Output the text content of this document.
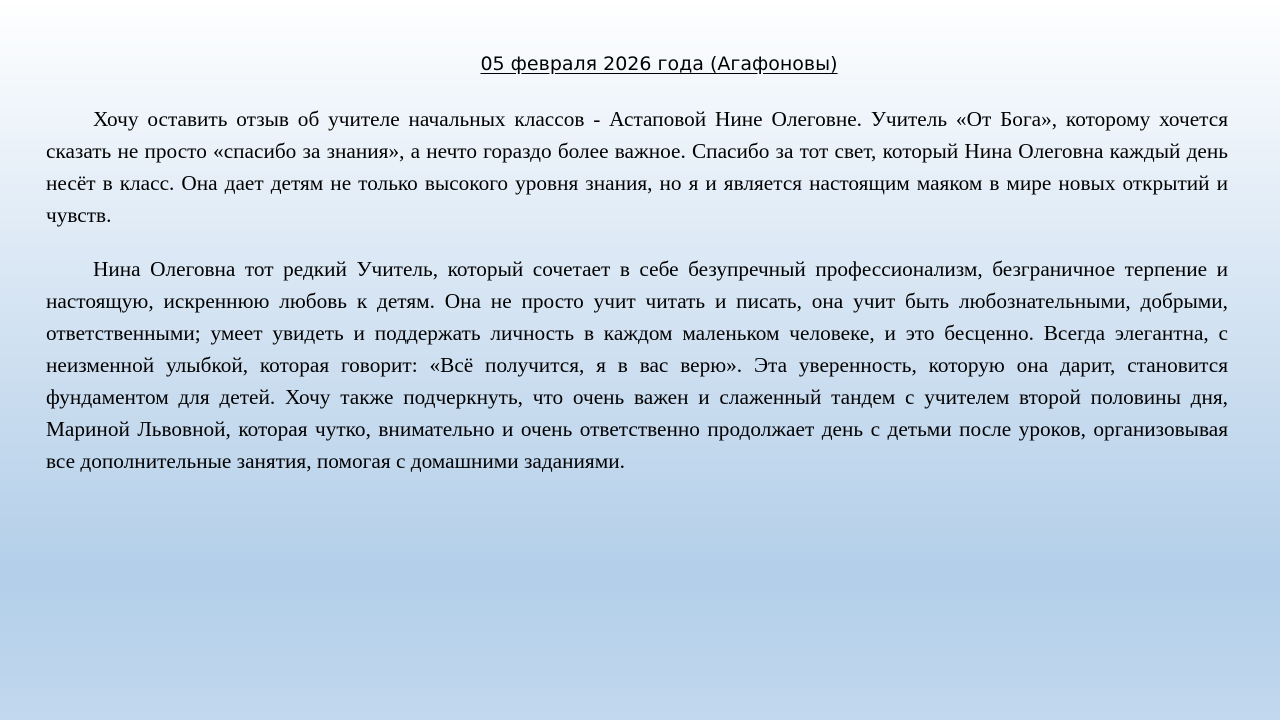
05 февраля 2026 года (Агафоновы)

Хочу оставить отзыв об учителе начальных классов - Астаповой Нине Олеговне. Учитель «От Бога», которому хочется сказать не просто «спасибо за знания», а нечто гораздо более важное. Спасибо за тот свет, который Нина Олеговна каждый день несёт в класс. Она дает детям не только высокого уровня знания, но я и является настоящим маяком в мире новых открытий и чувств.

Нина Олеговна тот редкий Учитель, который сочетает в себе безупречный профессионализм, безграничное терпение и настоящую, искреннюю любовь к детям. Она не просто учит читать и писать, она учит быть любознательными, добрыми, ответственными; умеет увидеть и поддержать личность в каждом маленьком человеке, и это бесценно. Всегда элегантна, с неизменной улыбкой, которая говорит: «Всё получится, я в вас верю». Эта уверенность, которую она дарит, становится фундаментом для детей. Хочу также подчеркнуть, что очень важен и слаженный тандем с учителем второй половины дня, Мариной Львовной, которая чутко, внимательно и очень ответственно продолжает день с детьми после уроков, организовывая все дополнительные занятия, помогая с домашними заданиями.
